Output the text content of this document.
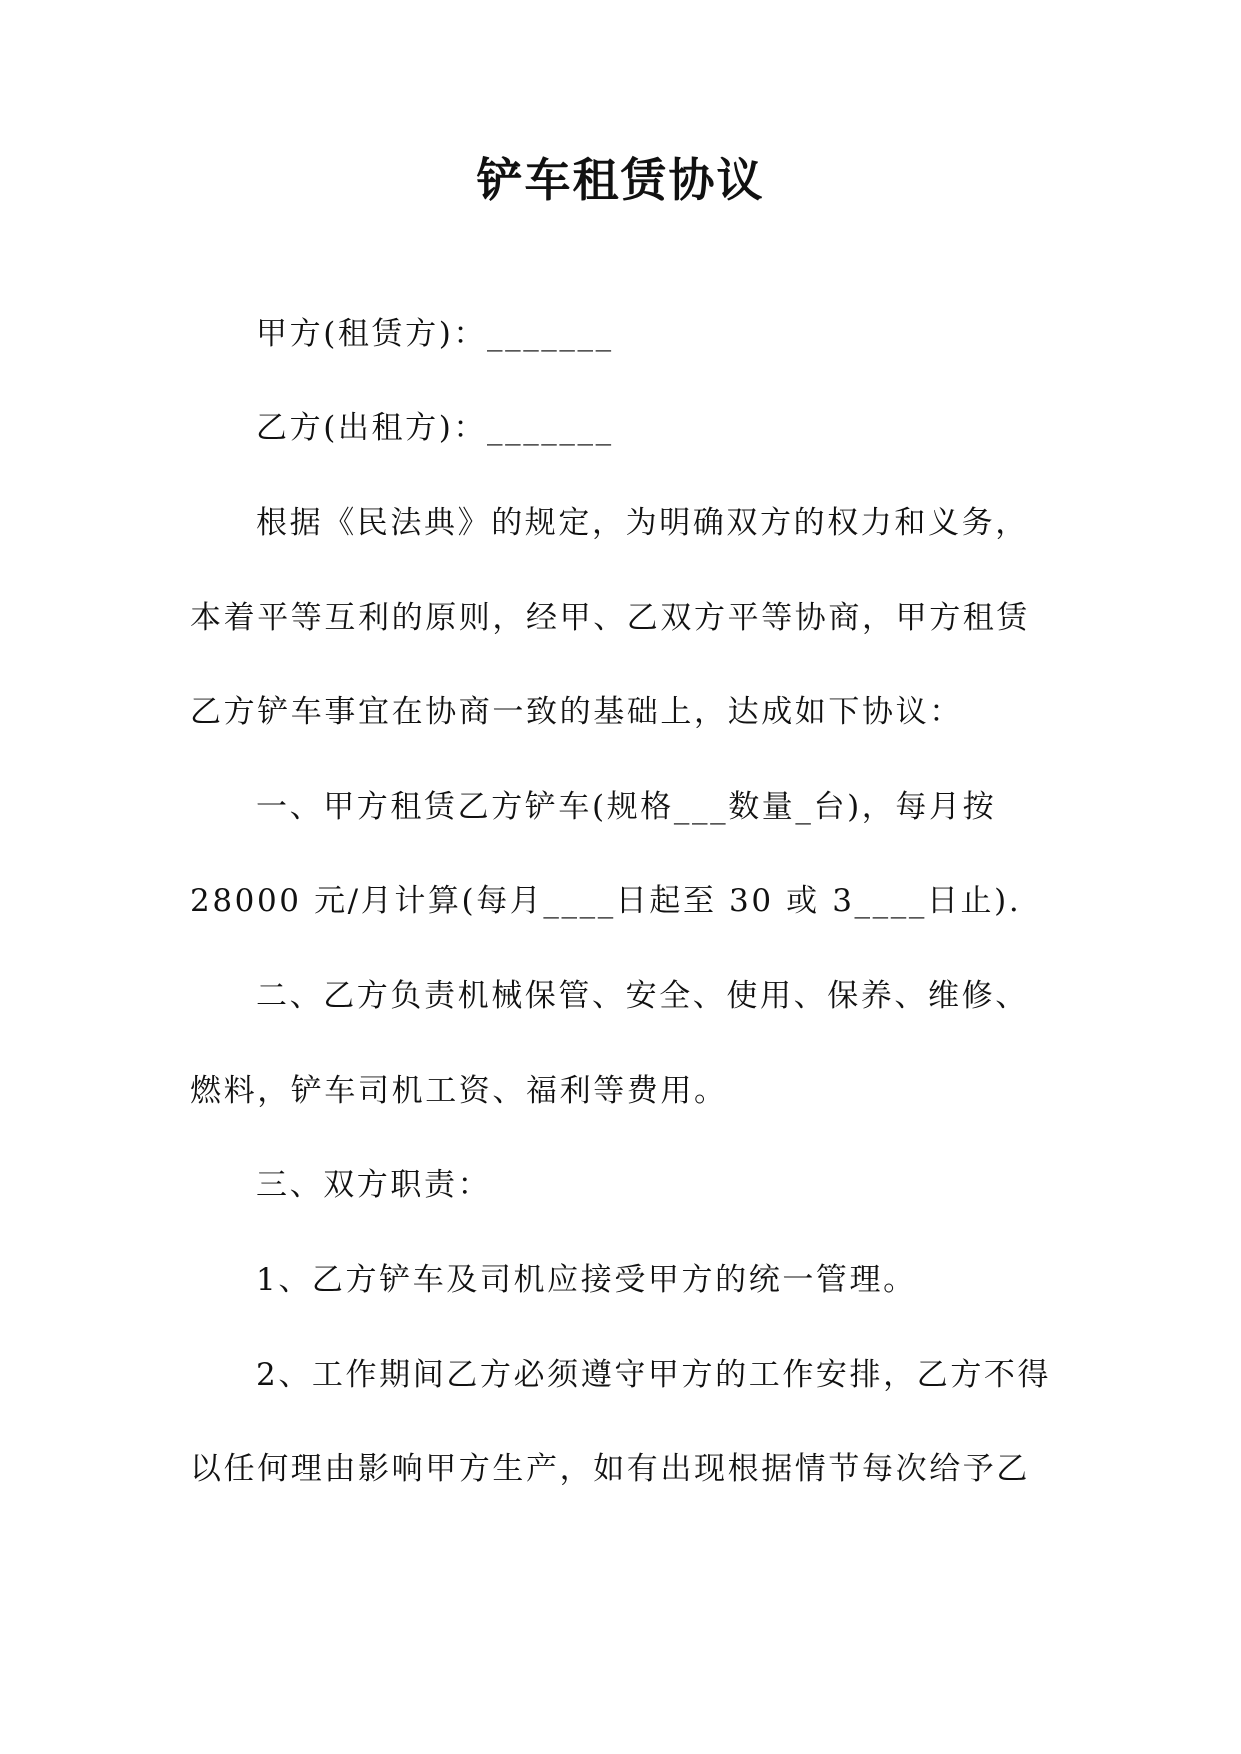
铲车租赁协议
甲方(租赁方)：_______
乙方(出租方)：_______
根据《民法典》的规定，为明确双方的权力和义务，
本着平等互利的原则，经甲、乙双方平等协商，甲方租赁
乙方铲车事宜在协商一致的基础上，达成如下协议：
一、甲方租赁乙方铲车(规格___数量_台)，每月按
28000 元/月计算(每月____日起至 30 或 3____日止).
二、乙方负责机械保管、安全、使用、保养、维修、
燃料，铲车司机工资、福利等费用。
三、双方职责：
1、乙方铲车及司机应接受甲方的统一管理。
2、工作期间乙方必须遵守甲方的工作安排，乙方不得
以任何理由影响甲方生产，如有出现根据情节每次给予乙
